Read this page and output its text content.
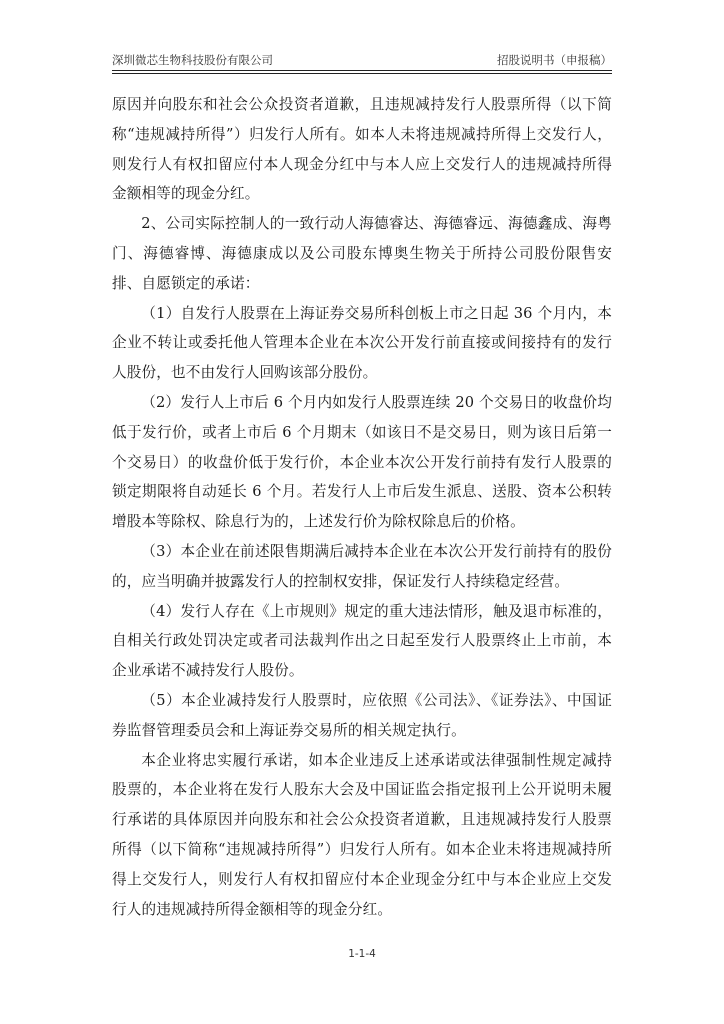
深圳微芯生物科技股份有限公司	招股说明书（申报稿）

原因并向股东和社会公众投资者道歉，且违规减持发行人股票所得（以下简称“违规减持所得”）归发行人所有。如本人未将违规减持所得上交发行人，则发行人有权扣留应付本人现金分红中与本人应上交发行人的违规减持所得金额相等的现金分红。

2、公司实际控制人的一致行动人海德睿达、海德睿远、海德鑫成、海粤门、海德睿博、海德康成以及公司股东博奥生物关于所持公司股份限售安排、自愿锁定的承诺：

（1）自发行人股票在上海证券交易所科创板上市之日起 36 个月内，本企业不转让或委托他人管理本企业在本次公开发行前直接或间接持有的发行人股份，也不由发行人回购该部分股份。

（2）发行人上市后 6 个月内如发行人股票连续 20 个交易日的收盘价均低于发行价，或者上市后 6 个月期末（如该日不是交易日，则为该日后第一个交易日）的收盘价低于发行价，本企业本次公开发行前持有发行人股票的锁定期限将自动延长 6 个月。若发行人上市后发生派息、送股、资本公积转增股本等除权、除息行为的，上述发行价为除权除息后的价格。

（3）本企业在前述限售期满后减持本企业在本次公开发行前持有的股份的，应当明确并披露发行人的控制权安排，保证发行人持续稳定经营。

（4）发行人存在《上市规则》规定的重大违法情形，触及退市标准的，自相关行政处罚决定或者司法裁判作出之日起至发行人股票终止上市前，本企业承诺不减持发行人股份。

（5）本企业减持发行人股票时，应依照《公司法》、《证券法》、中国证券监督管理委员会和上海证券交易所的相关规定执行。

本企业将忠实履行承诺，如本企业违反上述承诺或法律强制性规定减持股票的，本企业将在发行人股东大会及中国证监会指定报刊上公开说明未履行承诺的具体原因并向股东和社会公众投资者道歉，且违规减持发行人股票所得（以下简称“违规减持所得”）归发行人所有。如本企业未将违规减持所得上交发行人，则发行人有权扣留应付本企业现金分红中与本企业应上交发行人的违规减持所得金额相等的现金分红。

1-1-4
